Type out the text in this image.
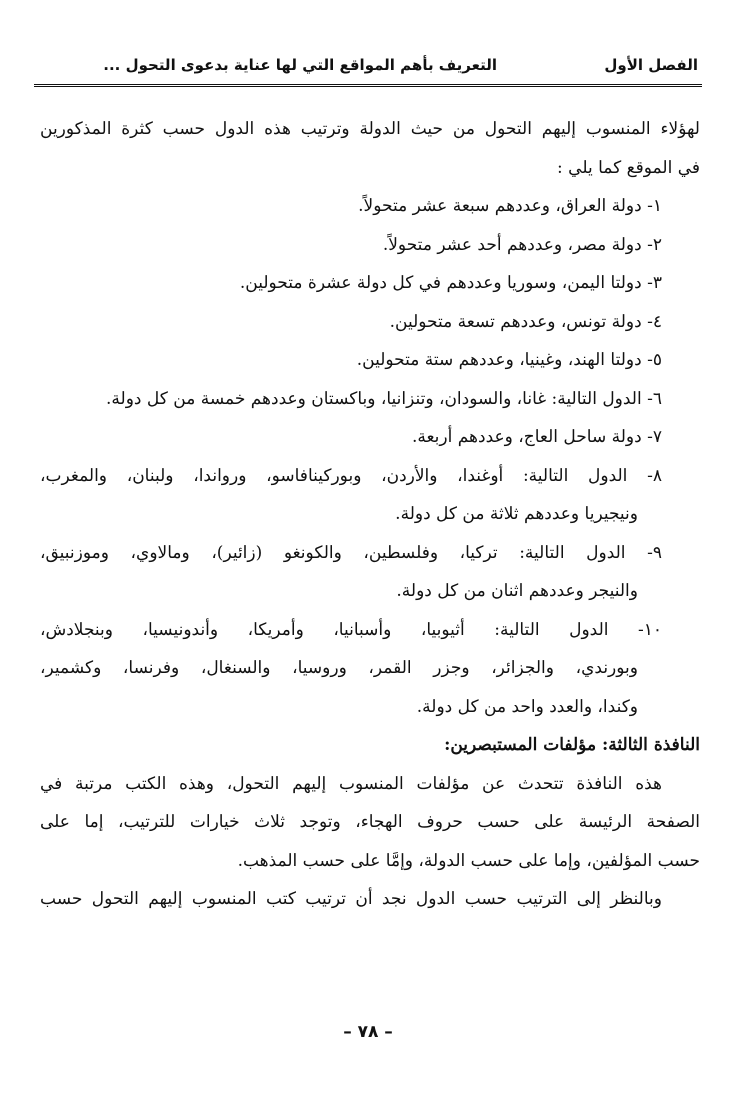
الفصل الأول
التعريف بأهم المواقع التي لها عناية بدعوى التحول ...
لهؤلاء المنسوب إليهم التحول من حيث الدولة وترتيب هذه الدول حسب كثرة المذكورين
في الموقع كما يلي :
١- دولة العراق، وعددهم سبعة عشر متحولاً.
٢- دولة مصر، وعددهم أحد عشر متحولاً.
٣- دولتا اليمن، وسوريا وعددهم في كل دولة عشرة متحولين.
٤- دولة تونس، وعددهم تسعة متحولين.
٥- دولتا الهند، وغينيا، وعددهم ستة متحولين.
٦- الدول التالية: غانا، والسودان، وتنزانيا، وباكستان وعددهم خمسة من كل دولة.
٧- دولة ساحل العاج، وعددهم أربعة.
٨- الدول التالية: أوغندا، والأردن، وبوركينافاسو، ورواندا، ولبنان، والمغرب،
ونيجيريا وعددهم ثلاثة من كل دولة.
٩- الدول التالية: تركيا، وفلسطين، والكونغو (زائير)، ومالاوي، وموزنبيق،
والنيجر وعددهم اثنان من كل دولة.
١٠- الدول التالية: أثيوبيا، وأسبانيا، وأمريكا، وأندونيسيا، وبنجلادش،
وبورندي، والجزائر، وجزر القمر، وروسيا، والسنغال، وفرنسا، وكشمير،
وكندا، والعدد واحد من كل دولة.
النافذة الثالثة: مؤلفات المستبصرين:
هذه النافذة تتحدث عن مؤلفات المنسوب إليهم التحول، وهذه الكتب مرتبة في
الصفحة الرئيسة على حسب حروف الهجاء، وتوجد ثلاث خيارات للترتيب، إما على
حسب المؤلفين، وإما على حسب الدولة، وإمَّا على حسب المذهب.
وبالنظر إلى الترتيب حسب الدول نجد أن ترتيب كتب المنسوب إليهم التحول حسب
– ٧٨ –
